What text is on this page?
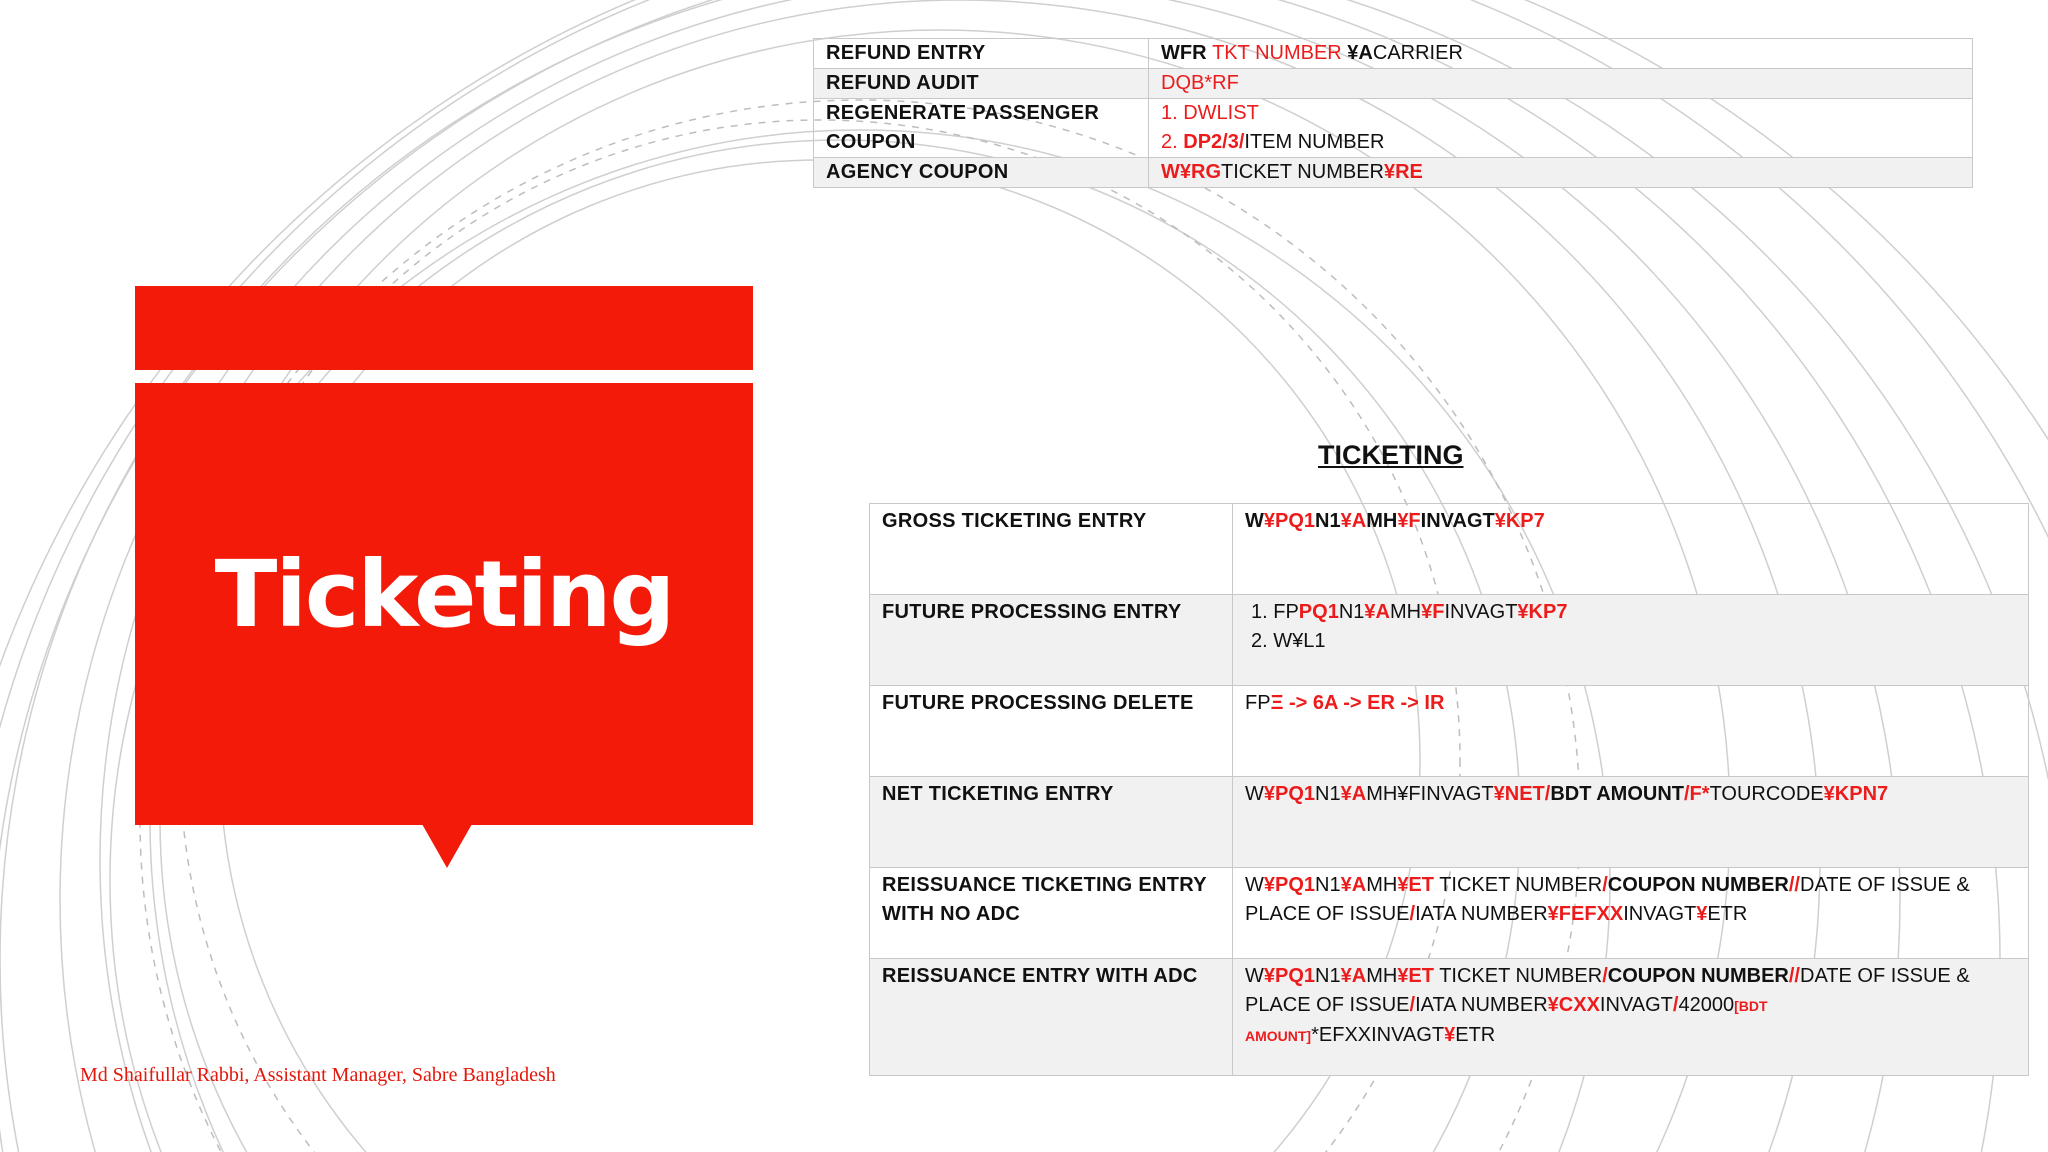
Ticketing
Md Shaifullar Rabbi, Assistant Manager, Sabre Bangladesh
REFUND ENTRY	WFR TKT NUMBER ¥ACARRIER
REFUND AUDIT	DQB*RF
REGENERATE PASSENGER COUPON	1. DWLIST
2. DP2/3/ITEM NUMBER

AGENCY COUPON	W¥RGTICKET NUMBER¥RE
TICKETING
GROSS TICKETING ENTRY	W¥PQ1N1¥AMH¥FINVAGT¥KP7
FUTURE PROCESSING ENTRY	1. FPPQ1N1¥AMH¥FINVAGT¥KP7
2. W¥L1

FUTURE PROCESSING DELETE	FPΞ -> 6A -> ER -> IR
NET TICKETING ENTRY	W¥PQ1N1¥AMH¥FINVAGT¥NET/BDT AMOUNT/F*TOURCODE¥KPN7
REISSUANCE TICKETING ENTRY WITH NO ADC	W¥PQ1N1¥AMH¥ET TICKET NUMBER/COUPON NUMBER//DATE OF ISSUE & PLACE OF ISSUE/IATA NUMBER¥FEFXXINVAGT¥ETR
REISSUANCE ENTRY WITH ADC	W¥PQ1N1¥AMH¥ET TICKET NUMBER/COUPON NUMBER//DATE OF ISSUE & PLACE OF ISSUE/IATA NUMBER¥CXXINVAGT/42000[BDT AMOUNT]*EFXXINVAGT¥ETR
